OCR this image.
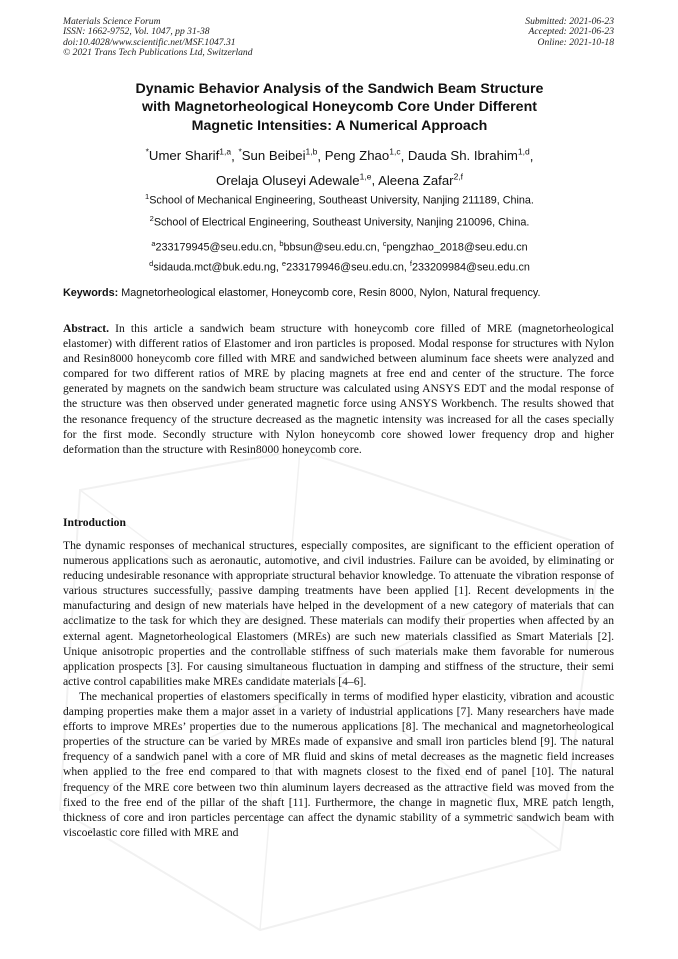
Materials Science Forum
ISSN: 1662-9752, Vol. 1047, pp 31-38
doi:10.4028/www.scientific.net/MSF.1047.31
© 2021 Trans Tech Publications Ltd, Switzerland
Submitted: 2021-06-23
Accepted: 2021-06-23
Online: 2021-10-18
Dynamic Behavior Analysis of the Sandwich Beam Structure
with Magnetorheological Honeycomb Core Under Different
Magnetic Intensities: A Numerical Approach
*Umer Sharif$^{1,a}$, *Sun Beibei$^{1,b}$, Peng Zhao$^{1,c}$, Dauda Sh. Ibrahim$^{1,d}$,
Orelaja Oluseyi Adewale$^{1,e}$, Aleena Zafar$^{2,f}$
$^1$School of Mechanical Engineering, Southeast University, Nanjing 211189, China.
$^2$School of Electrical Engineering, Southeast University, Nanjing 210096, China.
$^a$233179945@seu.edu.cn, $^b$bbsun@seu.edu.cn, $^c$pengzhao_2018@seu.edu.cn
$^d$sidauda.mct@buk.edu.ng, $^e$233179946@seu.edu.cn, $^f$233209984@seu.edu.cn
Keywords: Magnetorheological elastomer, Honeycomb core, Resin 8000, Nylon, Natural frequency.
Abstract. In this article a sandwich beam structure with honeycomb core filled of MRE (magnetorheological elastomer) with different ratios of Elastomer and iron particles is proposed. Modal response for structures with Nylon and Resin8000 honeycomb core filled with MRE and sandwiched between aluminum face sheets were analyzed and compared for two different ratios of MRE by placing magnets at free end and center of the structure. The force generated by magnets on the sandwich beam structure was calculated using ANSYS EDT and the modal response of the structure was then observed under generated magnetic force using ANSYS Workbench. The results showed that the resonance frequency of the structure decreased as the magnetic intensity was increased for all the cases specially for the first mode. Secondly structure with Nylon honeycomb core showed lower frequency drop and higher deformation than the structure with Resin8000 honeycomb core.
Introduction

The dynamic responses of mechanical structures, especially composites, are significant to the efficient operation of numerous applications such as aeronautic, automotive, and civil industries. Failure can be avoided, by eliminating or reducing undesirable resonance with appropriate structural behavior knowledge. To attenuate the vibration response of various structures successfully, passive damping treatments have been applied [1]. Recent developments in the manufacturing and design of new materials have helped in the development of a new category of materials that can acclimatize to the task for which they are designed. These materials can modify their properties when affected by an external agent. Magnetorheological Elastomers (MREs) are such new materials classified as Smart Materials [2]. Unique anisotropic properties and the controllable stiffness of such materials make them favorable for numerous application prospects [3]. For causing simultaneous fluctuation in damping and stiffness of the structure, their semi active control capabilities make MREs candidate materials [4–6].

The mechanical properties of elastomers specifically in terms of modified hyper elasticity, vibration and acoustic damping properties make them a major asset in a variety of industrial applications [7]. Many researchers have made efforts to improve MREs’ properties due to the numerous applications [8]. The mechanical and magnetorheological properties of the structure can be varied by MREs made of expansive and small iron particles blend [9]. The natural frequency of a sandwich panel with a core of MR fluid and skins of metal decreases as the magnetic field increases when applied to the free end compared to that with magnets closest to the fixed end of panel [10]. The natural frequency of the MRE core between two thin aluminum layers decreased as the attractive field was moved from the fixed to the free end of the pillar of the shaft [11]. Furthermore, the change in magnetic flux, MRE patch length, thickness of core and iron particles percentage can affect the dynamic stability of a symmetric sandwich beam with viscoelastic core filled with MRE and
